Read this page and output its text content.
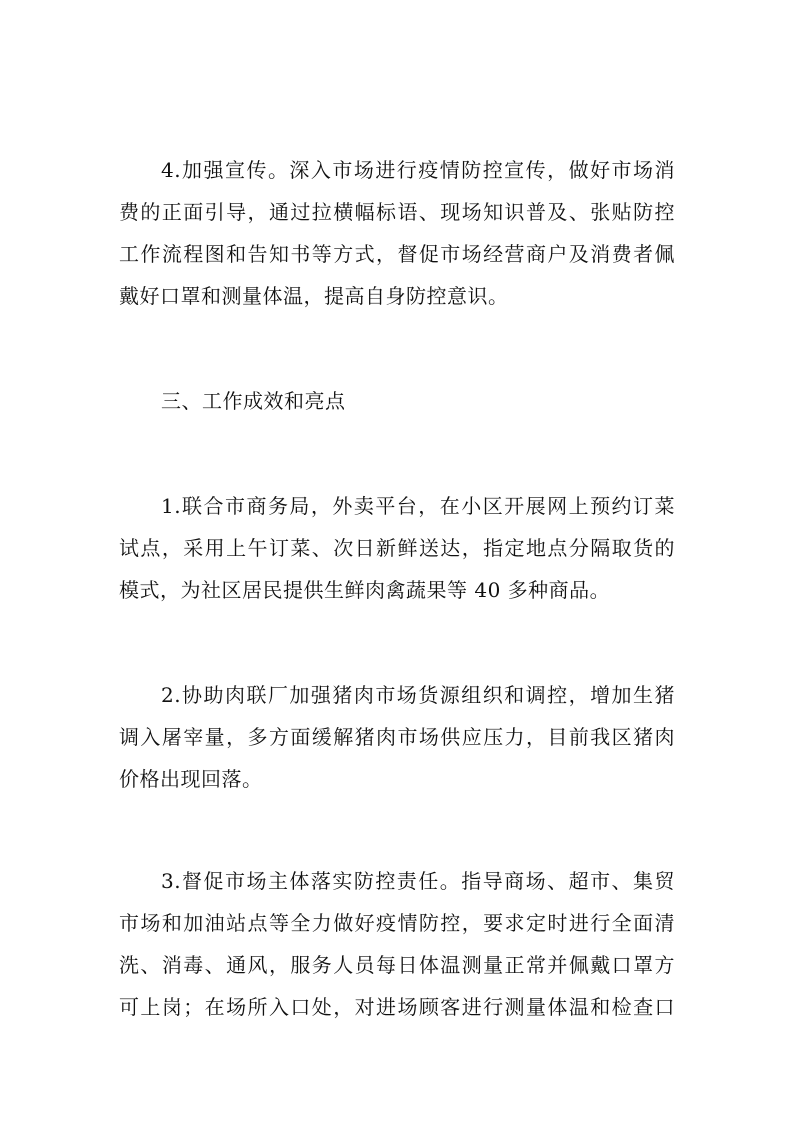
4.加强宣传。深入市场进行疫情防控宣传，做好市场消
费的正面引导，通过拉横幅标语、现场知识普及、张贴防控
工作流程图和告知书等方式，督促市场经营商户及消费者佩
戴好口罩和测量体温，提高自身防控意识。
三、工作成效和亮点
1.联合市商务局，外卖平台，在小区开展网上预约订菜
试点，采用上午订菜、次日新鲜送达，指定地点分隔取货的
模式，为社区居民提供生鲜肉禽蔬果等 40 多种商品。
2.协助肉联厂加强猪肉市场货源组织和调控，增加生猪
调入屠宰量，多方面缓解猪肉市场供应压力，目前我区猪肉
价格出现回落。
3.督促市场主体落实防控责任。指导商场、超市、集贸
市场和加油站点等全力做好疫情防控，要求定时进行全面清
洗、消毒、通风，服务人员每日体温测量正常并佩戴口罩方
可上岗；在场所入口处，对进场顾客进行测量体温和检查口
